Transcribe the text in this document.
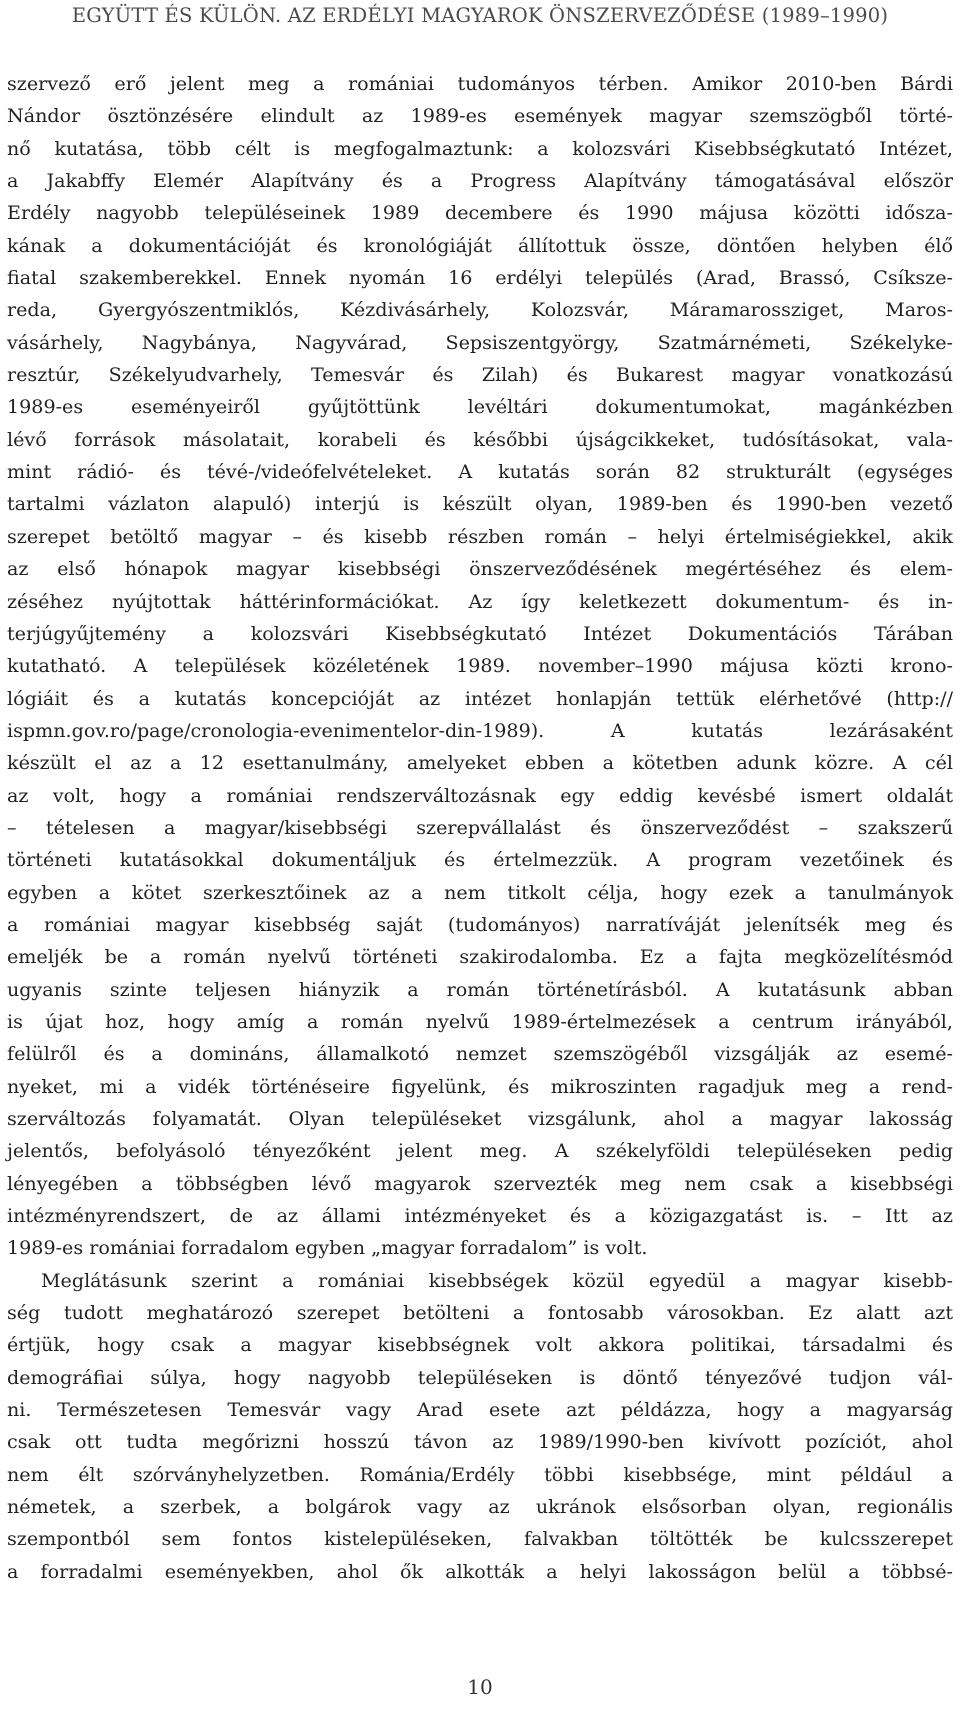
EGYÜTT ÉS KÜLÖN. AZ ERDÉLYI MAGYAROK ÖNSZERVEZŐDÉSE (1989–1990)
szervező erő jelent meg a romániai tudományos térben. Amikor 2010-ben Bárdi
Nándor ösztönzésére elindult az 1989-es események magyar szemszögből törté-
nő kutatása, több célt is megfogalmaztunk: a kolozsvári Kisebbségkutató Intézet,
a Jakabffy Elemér Alapítvány és a Progress Alapítvány támogatásával először
Erdély nagyobb településeinek 1989 decembere és 1990 májusa közötti idősza-
kának a dokumentációját és kronológiáját állítottuk össze, döntően helyben élő
fiatal szakemberekkel. Ennek nyomán 16 erdélyi település (Arad, Brassó, Csíksze-
reda, Gyergyószentmiklós, Kézdivásárhely, Kolozsvár, Máramarossziget, Maros-
vásárhely, Nagybánya, Nagyvárad, Sepsiszentgyörgy, Szatmárnémeti, Székelyke-
resztúr, Székelyudvarhely, Temesvár és Zilah) és Bukarest magyar vonatkozású
1989-es eseményeiről gyűjtöttünk levéltári dokumentumokat, magánkézben
lévő források másolatait, korabeli és későbbi újságcikkeket, tudósításokat, vala-
mint rádió- és tévé-/videófelvételeket. A kutatás során 82 strukturált (egységes
tartalmi vázlaton alapuló) interjú is készült olyan, 1989-ben és 1990-ben vezető
szerepet betöltő magyar – és kisebb részben román – helyi értelmiségiekkel, akik
az első hónapok magyar kisebbségi önszerveződésének megértéséhez és elem-
zéséhez nyújtottak háttérinformációkat. Az így keletkezett dokumentum- és in-
terjúgyűjtemény a kolozsvári Kisebbségkutató Intézet Dokumentációs Tárában
kutatható. A települések közéletének 1989. november–1990 májusa közti krono-
lógiáit és a kutatás koncepcióját az intézet honlapján tettük elérhetővé (http://
ispmn.gov.ro/page/cronologia-evenimentelor-din-1989). A kutatás lezárásaként
készült el az a 12 esettanulmány, amelyeket ebben a kötetben adunk közre. A cél
az volt, hogy a romániai rendszerváltozásnak egy eddig kevésbé ismert oldalát
– tételesen a magyar/kisebbségi szerepvállalást és önszerveződést – szakszerű
történeti kutatásokkal dokumentáljuk és értelmezzük. A program vezetőinek és
egyben a kötet szerkesztőinek az a nem titkolt célja, hogy ezek a tanulmányok
a romániai magyar kisebbség saját (tudományos) narratíváját jelenítsék meg és
emeljék be a román nyelvű történeti szakirodalomba. Ez a fajta megközelítésmód
ugyanis szinte teljesen hiányzik a román történetírásból. A kutatásunk abban
is újat hoz, hogy amíg a román nyelvű 1989-értelmezések a centrum irányából,
felülről és a domináns, államalkotó nemzet szemszögéből vizsgálják az esemé-
nyeket, mi a vidék történéseire figyelünk, és mikroszinten ragadjuk meg a rend-
szerváltozás folyamatát. Olyan településeket vizsgálunk, ahol a magyar lakosság
jelentős, befolyásoló tényezőként jelent meg. A székelyföldi településeken pedig
lényegében a többségben lévő magyarok szervezték meg nem csak a kisebbségi
intézményrendszert, de az állami intézményeket és a közigazgatást is. – Itt az
1989-es romániai forradalom egyben „magyar forradalom” is volt.
Meglátásunk szerint a romániai kisebbségek közül egyedül a magyar kisebb-
ség tudott meghatározó szerepet betölteni a fontosabb városokban. Ez alatt azt
értjük, hogy csak a magyar kisebbségnek volt akkora politikai, társadalmi és
demográfiai súlya, hogy nagyobb településeken is döntő tényezővé tudjon vál-
ni. Természetesen Temesvár vagy Arad esete azt példázza, hogy a magyarság
csak ott tudta megőrizni hosszú távon az 1989/1990-ben kivívott pozíciót, ahol
nem élt szórványhelyzetben. Románia/Erdély többi kisebbsége, mint például a
németek, a szerbek, a bolgárok vagy az ukránok elsősorban olyan, regionális
szempontból sem fontos kistelepüléseken, falvakban töltötték be kulcsszerepet
a forradalmi eseményekben, ahol ők alkották a helyi lakosságon belül a többsé-
10
